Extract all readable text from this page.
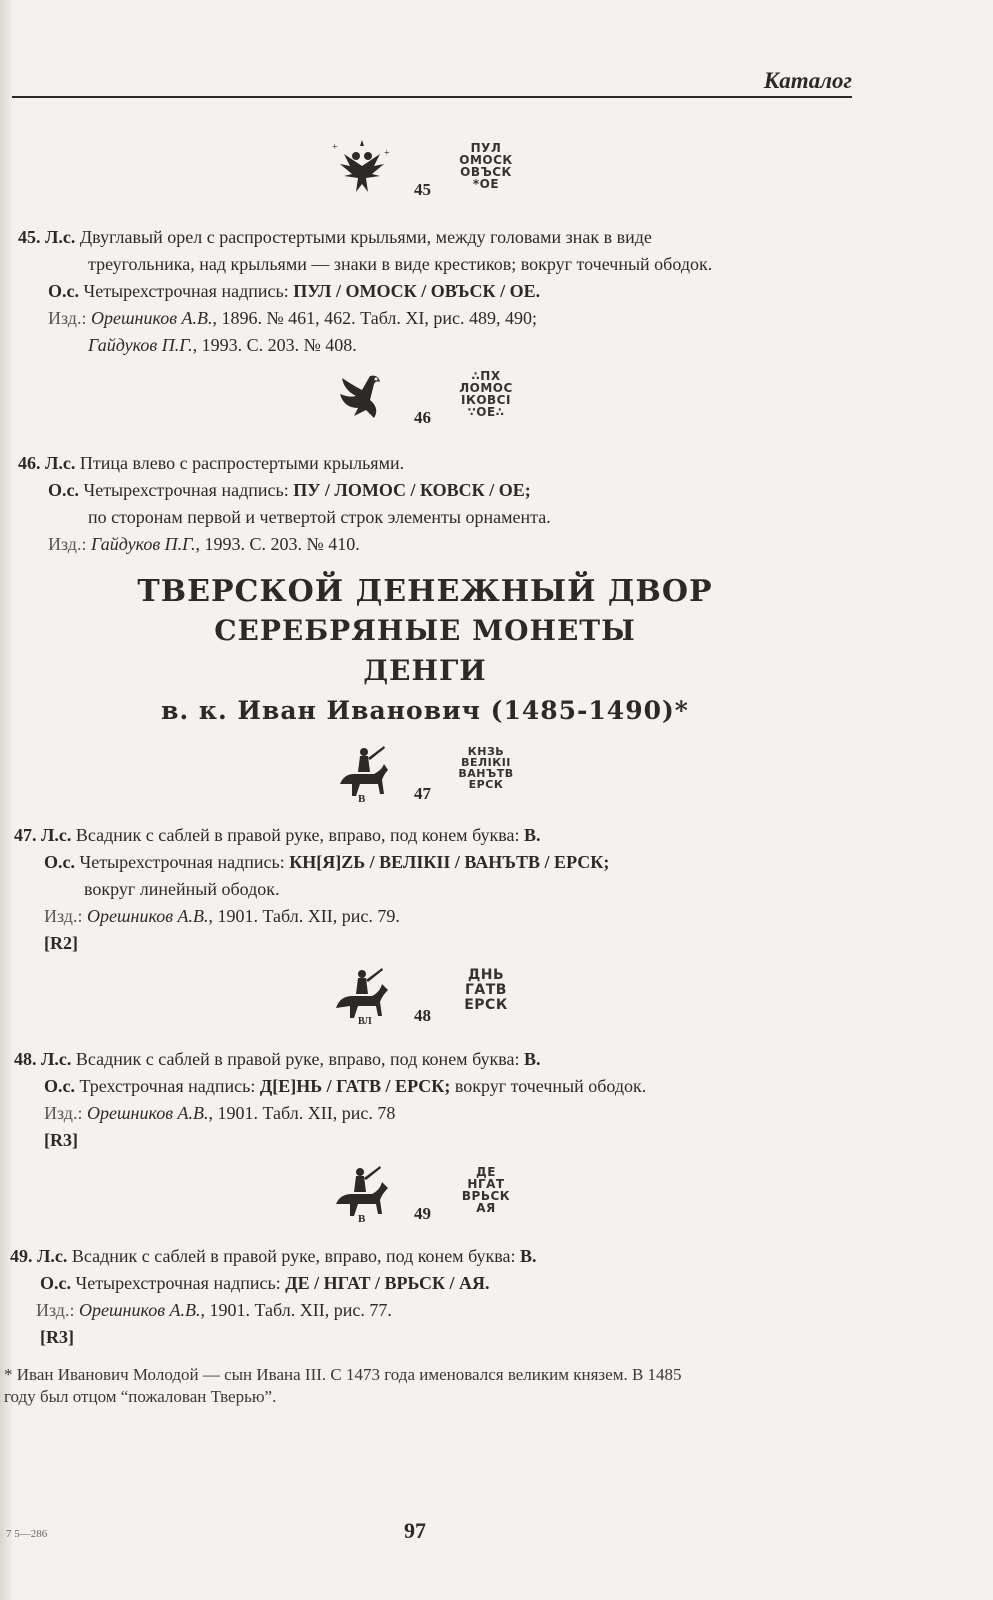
Каталог
+
+
45
ПУЛ
ОМОСК
ОВЪСК
*ОЕ
45. Л.с. Двуглавый орел с распростертыми крыльями, между головами знак в виде
треугольника, над крыльями — знаки в виде крестиков; вокруг точечный ободок.
О.с. Четырехстрочная надпись: ПУЛ / ОМОСК / ОВЪСК / ОЕ.
Изд.: Орешников А.В., 1896. № 461, 462. Табл. XI, рис. 489, 490;
Гайдуков П.Г., 1993. С. 203. № 408.
46
∴ПХ
ЛОМОС
ІКОВСІ
∵ОЕ∴
46. Л.с. Птица влево с распростертыми крыльями.
О.с. Четырехстрочная надпись: ПУ / ЛОМОС / КОВСК / ОЕ;
по сторонам первой и четвертой строк элементы орнамента.
Изд.: Гайдуков П.Г., 1993. С. 203. № 410.
ТВЕРСКОЙ ДЕНЕЖНЫЙ ДВОР
СЕРЕБРЯНЫЕ МОНЕТЫ
ДЕНГИ
в. к. Иван Иванович (1485-1490)*
В	47
КНЗЬ
ВЕЛІКІІ
ВАНЪТВ
ЕРСК
47. Л.с. Всадник с саблей в правой руке, вправо, под конем буква: В.
О.с. Четырехстрочная надпись: КН[Я]ZЬ / ВЕЛІКІІ / ВАНЪТВ / ЕРСК;
вокруг линейный ободок.
Изд.: Орешников А.В., 1901. Табл. XII, рис. 79.
[R2]
ВЛ 48
ДНЬ
ГАТВ
ЕРСК
48. Л.с. Всадник с саблей в правой руке, вправо, под конем буква: В.
О.с. Трехстрочная надпись: Д[Е]НЬ / ГАТВ / ЕРСК; вокруг точечный ободок.
Изд.: Орешников А.В., 1901. Табл. XII, рис. 78
[R3]
В	49
ДЕ
НГАТ
ВРЬСК
АЯ
49. Л.с. Всадник с саблей в правой руке, вправо, под конем буква: В.
О.с. Четырехстрочная надпись: ДЕ / НГАТ / ВРЬСК / АЯ.
Изд.: Орешников А.В., 1901. Табл. XII, рис. 77.
[R3]
* Иван Иванович Молодой — сын Ивана III. С 1473 года именовался великим князем. В 1485
году был отцом “пожалован Тверью”.
7 5—286	97
